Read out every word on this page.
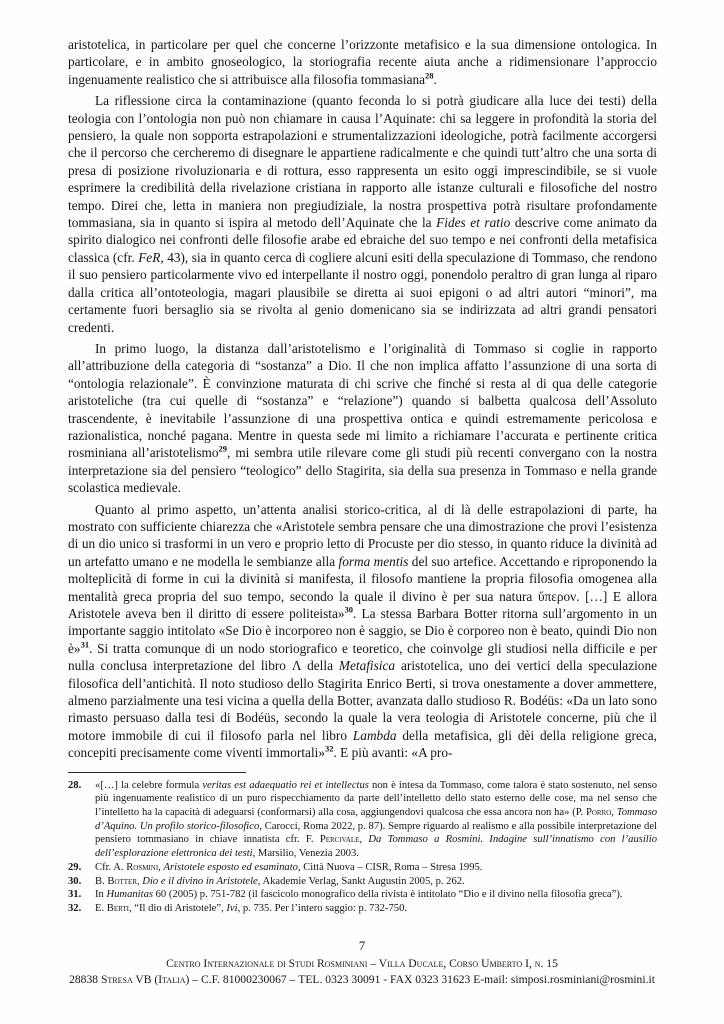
aristotelica, in particolare per quel che concerne l’orizzonte metafisico e la sua dimensione ontologica. In particolare, e in ambito gnoseologico, la storiografia recente aiuta anche a ridimensionare l’approccio ingenuamente realistico che si attribuisce alla filosofia tommasiana$^{28}$.

La riflessione circa la contaminazione (quanto feconda lo si potrà giudicare alla luce dei testi) della teologia con l’ontologia non può non chiamare in causa l’Aquinate: chi sa leggere in profondità la storia del pensiero, la quale non sopporta estrapolazioni e strumentalizzazioni ideologiche, potrà facilmente accorgersi che il percorso che cercheremo di disegnare le appartiene radicalmente e che quindi tutt’altro che una sorta di presa di posizione rivoluzionaria e di rottura, esso rappresenta un esito oggi imprescindibile, se si vuole esprimere la credibilità della rivelazione cristiana in rapporto alle istanze culturali e filosofiche del nostro tempo. Direi che, letta in maniera non pregiudiziale, la nostra prospettiva potrà risultare profondamente tommasiana, sia in quanto si ispira al metodo dell’Aquinate che la Fides et ratio descrive come animato da spirito dialogico nei confronti delle filosofie arabe ed ebraiche del suo tempo e nei confronti della metafisica classica (cfr. FeR, 43), sia in quanto cerca di cogliere alcuni esiti della speculazione di Tommaso, che rendono il suo pensiero particolarmente vivo ed interpellante il nostro oggi, ponendolo peraltro di gran lunga al riparo dalla critica all’ontoteologia, magari plausibile se diretta ai suoi epigoni o ad altri autori “minori”, ma certamente fuori bersaglio sia se rivolta al genio domenicano sia se indirizzata ad altri grandi pensatori credenti.

In primo luogo, la distanza dall’aristotelismo e l’originalità di Tommaso si coglie in rapporto all’attribuzione della categoria di “sostanza” a Dio. Il che non implica affatto l’assunzione di una sorta di “ontologia relazionale”. È convinzione maturata di chi scrive che finché si resta al di qua delle categorie aristoteliche (tra cui quelle di “sostanza” e “relazione”) quando si balbetta qualcosa dell’Assoluto trascendente, è inevitabile l’assunzione di una prospettiva ontica e quindi estremamente pericolosa e razionalistica, nonché pagana. Mentre in questa sede mi limito a richiamare l’accurata e pertinente critica rosminiana all’aristotelismo$^{29}$, mi sembra utile rilevare come gli studi più recenti convergano con la nostra interpretazione sia del pensiero “teologico” dello Stagirita, sia della sua presenza in Tommaso e nella grande scolastica medievale.

Quanto al primo aspetto, un’attenta analisi storico-critica, al di là delle estrapolazioni di parte, ha mostrato con sufficiente chiarezza che «Aristotele sembra pensare che una dimostrazione che provi l’esistenza di un dio unico si trasformi in un vero e proprio letto di Procuste per dio stesso, in quanto riduce la divinità ad un artefatto umano e ne modella le sembianze alla forma mentis del suo artefice. Accettando e riproponendo la molteplicità di forme in cui la divinità si manifesta, il filosofo mantiene la propria filosofia omogenea alla mentalità greca propria del suo tempo, secondo la quale il divino è per sua natura ὕπερον. […] E allora Aristotele aveva ben il diritto di essere politeista»$^{30}$. La stessa Barbara Botter ritorna sull’argomento in un importante saggio intitolato «Se Dio è incorporeo non è saggio, se Dio è corporeo non è beato, quindi Dio non è»$^{31}$. Si tratta comunque di un nodo storiografico e teoretico, che coinvolge gli studiosi nella difficile e per nulla conclusa interpretazione del libro Λ della Metafisica aristotelica, uno dei vertici della speculazione filosofica dell’antichità. Il noto studioso dello Stagirita Enrico Berti, si trova onestamente a dover ammettere, almeno parzialmente una tesi vicina a quella della Botter, avanzata dallo studioso R. Bodéüs: «Da un lato sono rimasto persuaso dalla tesi di Bodéüs, secondo la quale la vera teologia di Aristotele concerne, più che il motore immobile di cui il filosofo parla nel libro Lambda della metafisica, gli dèi della religione greca, concepiti precisamente come viventi immortali»$^{32}$. E più avanti: «A pro-

28.	«[…] la celebre formula veritas est adaequatio rei et intellectus non è intesa da Tommaso, come talora è stato sostenuto, nel senso più ingenuamente realistico di un puro rispecchiamento da parte dell’intelletto dello stato esterno delle cose, ma nel senso che l’intelletto ha la capacità di adeguarsi (conformarsi) alla cosa, aggiungendovi qualcosa che essa ancora non ha» (P. Porro, Tommaso d’Aquino. Un profilo storico-filosofico, Carocci, Roma 2022, p. 87). Sempre riguardo al realismo e alla possibile interpretazione del pensiero tommasiano in chiave innatista cfr. F. Percivale, Da Tommaso a Rosmini. Indagine sull’innatismo con l’ausilio dell’esplorazione elettronica dei testi, Marsilio, Venezia 2003.
29.	Cfr. A. Rosmini, Aristotele esposto ed esaminato, Città Nuova – CISR, Roma – Stresa 1995.
30.	B. Botter, Dio e il divino in Aristotele, Akademie Verlag, Sankt Augustin 2005, p. 262.
31.	In Humanitas 60 (2005) p. 751-782 (il fascicolo monografico della rivista è intitolato “Dio e il divino nella filosofia greca”).
32.	E. Berti, “Il dio di Aristotele”, Ivi, p. 735. Per l’intero saggio: p. 732-750.
7
Centro Internazionale di Studi Rosminiani – Villa Ducale, Corso Umberto I, n. 15
28838 Stresa VB (Italia) – C.F. 81000230067 – TEL. 0323 30091 - FAX 0323 31623 E-mail: simposi.rosminiani@rosmini.it
